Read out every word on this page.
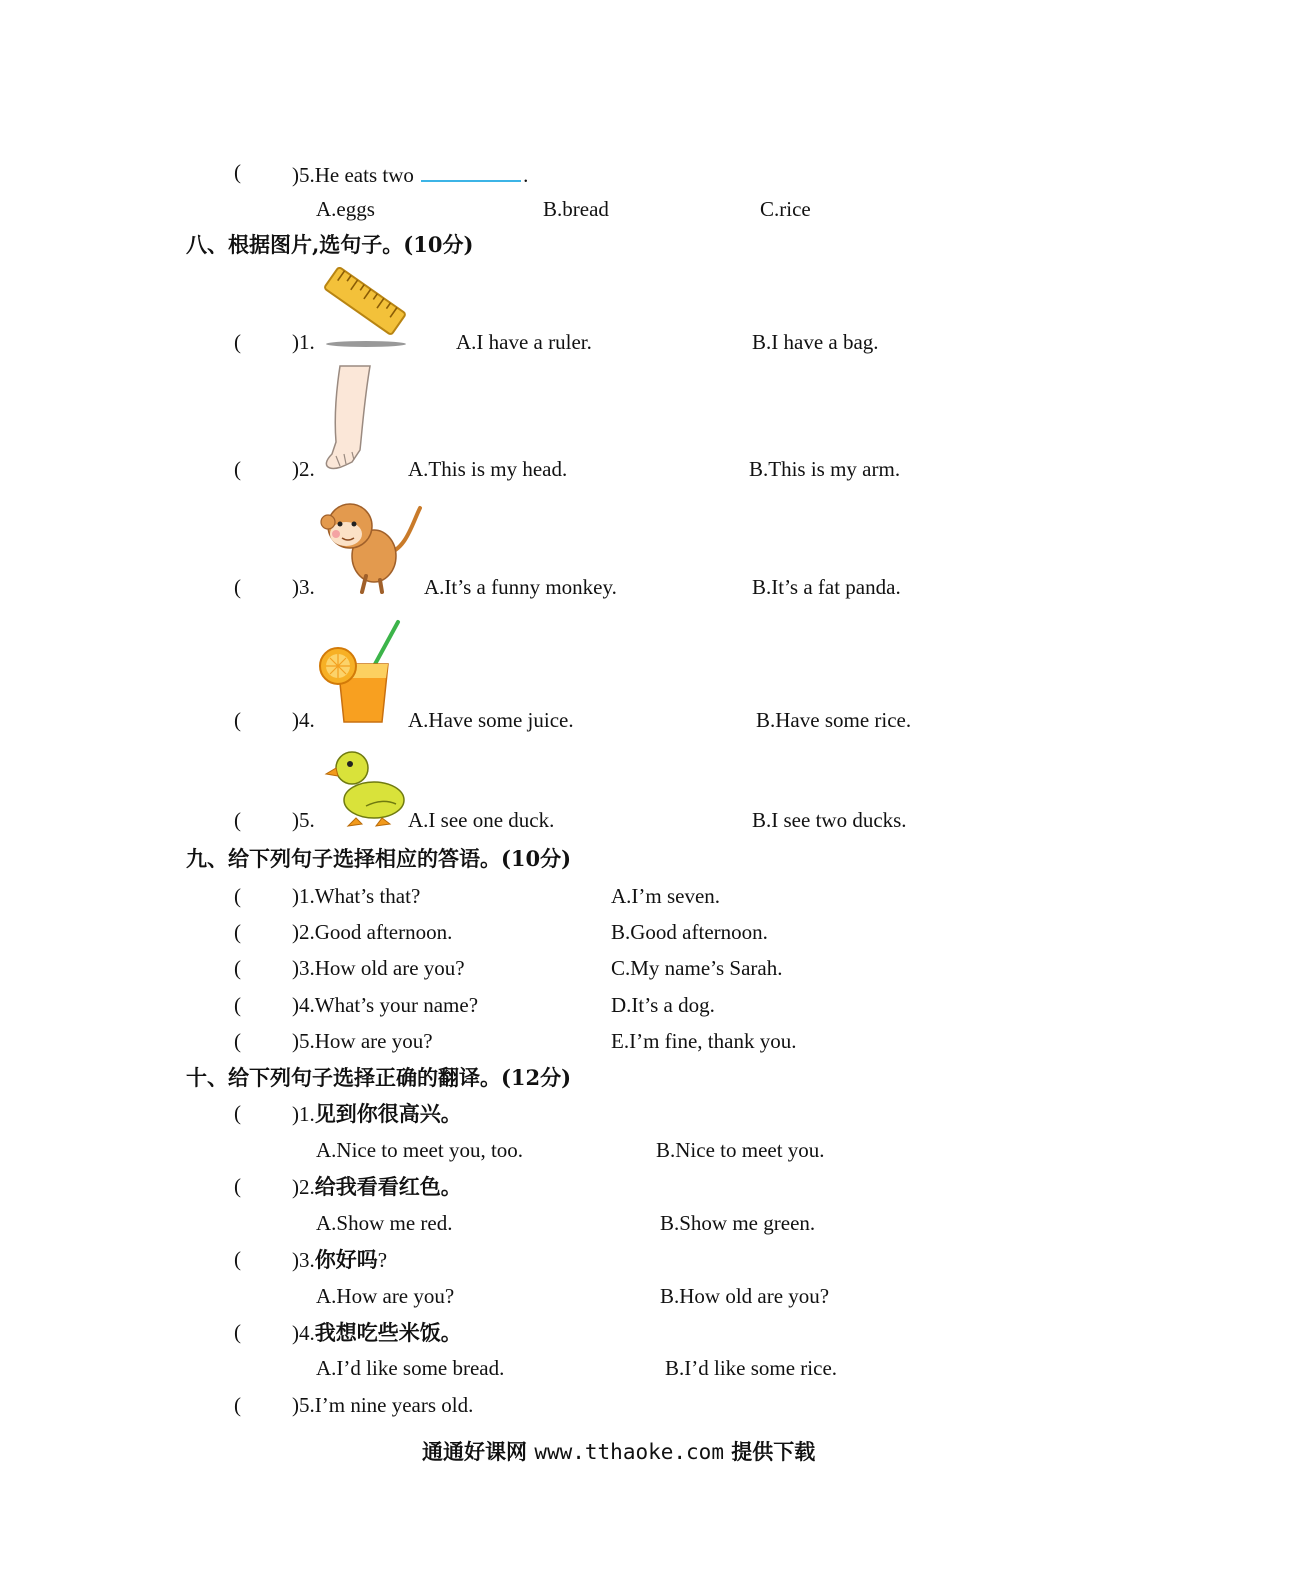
( )5.He eats two	.
A.eggs	B.bread	C.rice
八、根据图片,选句子。(10分)
( )1.	A.I have a ruler.	B.I have a bag.
( )2.	A.This is my head.	B.This is my arm.
( )3.	A.It’s a funny monkey.	B.It’s a fat panda.
( )4.	A.Have some juice.	B.Have some rice.
( )5.	A.I see one duck.	B.I see two ducks.
九、给下列句子选择相应的答语。(10分)
( )1.What’s that?	A.I’m seven.
( )2.Good afternoon.	B.Good afternoon.
( )3.How old are you?	C.My name’s Sarah.
( )4.What’s your name?	D.It’s a dog.
( )5.How are you?	E.I’m fine, thank you.
十、给下列句子选择正确的翻译。(12分)
( )1.见到你很高兴。
A.Nice to meet you, too.	B.Nice to meet you.
( )2.给我看看红色。
A.Show me red.	B.Show me green.
( )3.你好吗?
A.How are you?	B.How old are you?
( )4.我想吃些米饭。
A.I’d like some bread.	B.I’d like some rice.
( )5.I’m nine years old.
通通好课网 www.tthaoke.com 提供下载
